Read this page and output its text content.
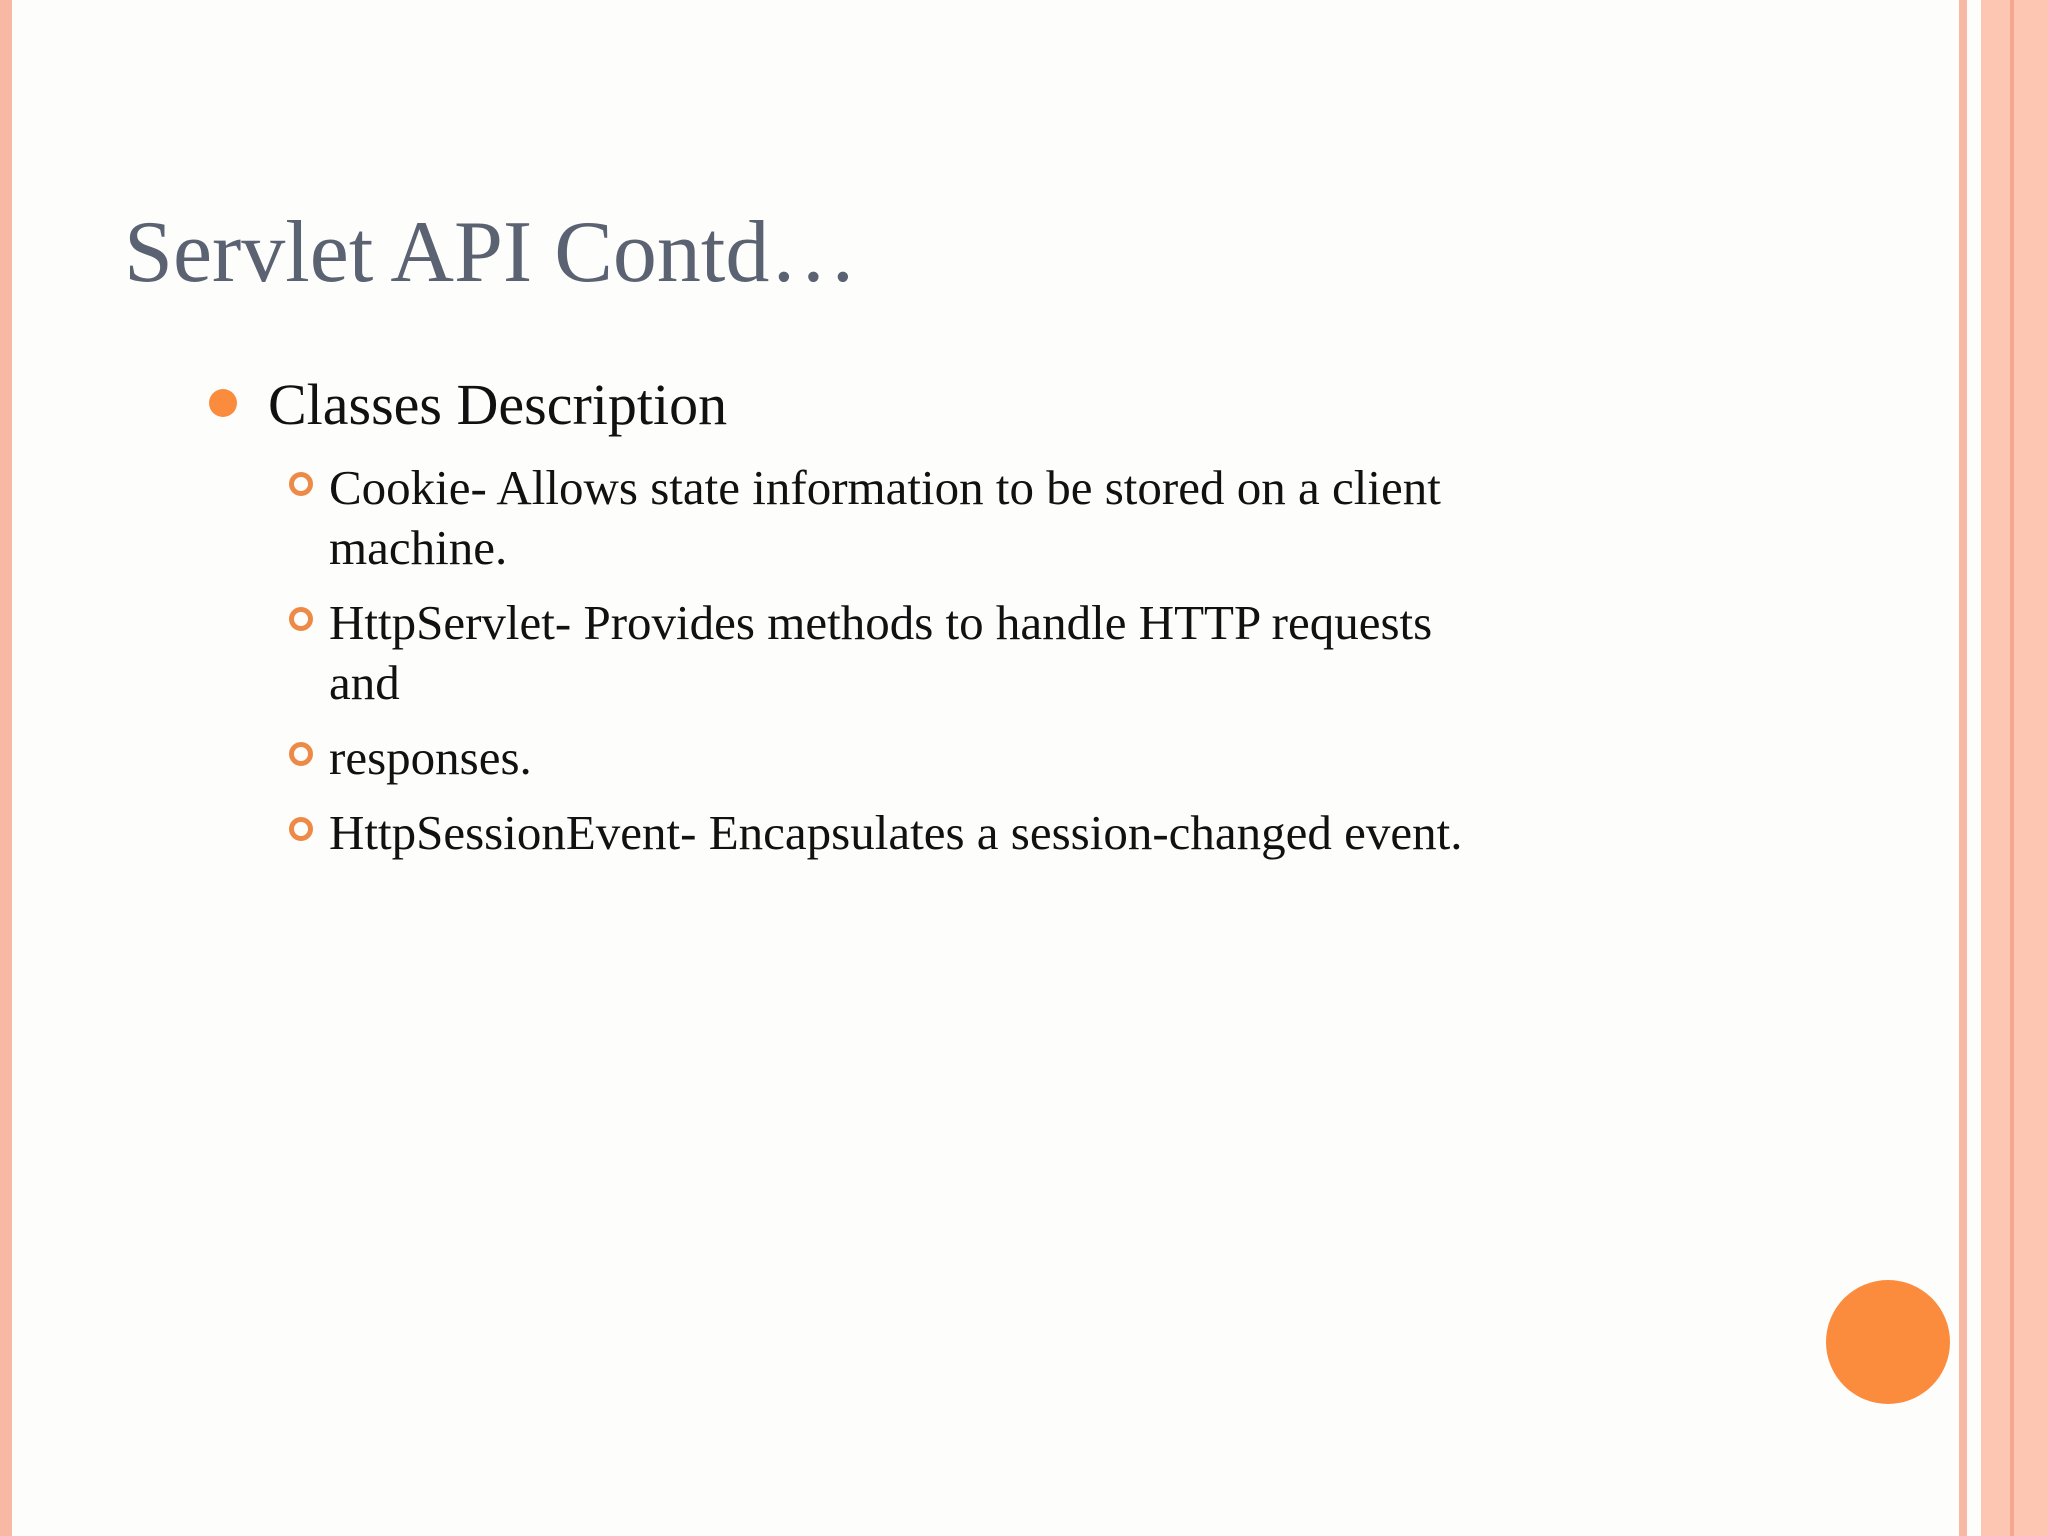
Servlet API Contd…
Classes Description
Cookie- Allows state information to be stored on a client
machine.
HttpServlet- Provides methods to handle HTTP requests
and
responses.
HttpSessionEvent- Encapsulates a session-changed event.
